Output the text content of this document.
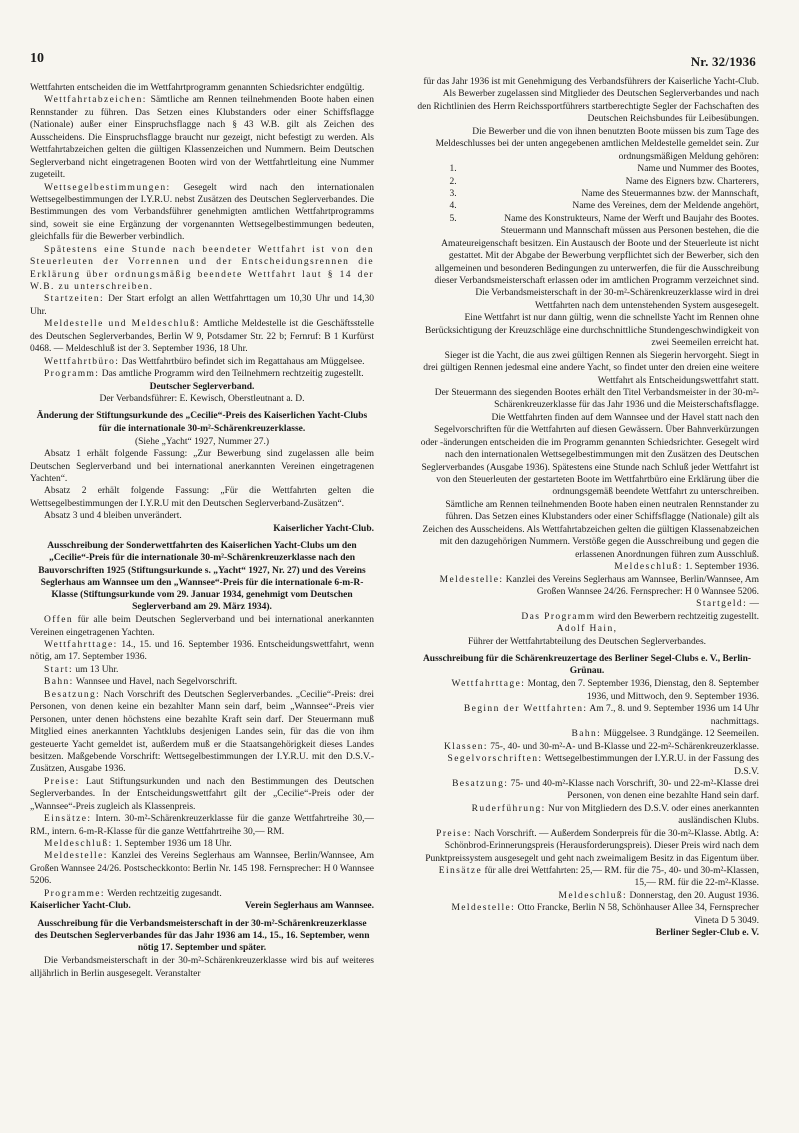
10	Nr. 32/1936

Wettfahrten entscheiden die im Wettfahrtprogramm genannten Schiedsrichter endgültig.

Wettfahrtabzeichen: Sämtliche am Rennen teilnehmenden Boote haben einen Rennstander zu führen. Das Setzen eines Klubstanders oder einer Schiffsflagge (Nationale) außer einer Einspruchsflagge nach § 43 W.B. gilt als Zeichen des Ausscheidens. Die Einspruchsflagge braucht nur gezeigt, nicht befestigt zu werden. Als Wettfahrtabzeichen gelten die gültigen Klassenzeichen und Nummern. Beim Deutschen Seglerverband nicht eingetragenen Booten wird von der Wettfahrtleitung eine Nummer zugeteilt.

Wettsegelbestimmungen: Gesegelt wird nach den internationalen Wettsegelbestimmungen der I.Y.R.U. nebst Zusätzen des Deutschen Seglerverbandes. Die Bestimmungen des vom Verbandsführer genehmigten amtlichen Wettfahrtprogramms sind, soweit sie eine Ergänzung der vorgenannten Wettsegelbestimmungen bedeuten, gleichfalls für die Bewerber verbindlich.

Spätestens eine Stunde nach beendeter Wettfahrt ist von den Steuerleuten der Vorrennen und der Entscheidungsrennen die Erklärung über ordnungsmäßig beendete Wettfahrt laut § 14 der W.B. zu unterschreiben.

Startzeiten: Der Start erfolgt an allen Wettfahrttagen um 10,30 Uhr und 14,30 Uhr.

Meldestelle und Meldeschluß: Amtliche Meldestelle ist die Geschäftsstelle des Deutschen Seglerverbandes, Berlin W 9, Potsdamer Str. 22 b; Fernruf: B 1 Kurfürst 0468. — Meldeschluß ist der 3. September 1936, 18 Uhr.

Wettfahrtbüro: Das Wettfahrtbüro befindet sich im Regattahaus am Müggelsee.

Programm: Das amtliche Programm wird den Teilnehmern rechtzeitig zugestellt.

Deutscher Seglerverband.

Der Verbandsführer: E. Kewisch, Oberstleutnant a. D.

Änderung der Stiftungsurkunde des „Cecilie“-Preis des Kaiserlichen Yacht-Clubs für die internationale 30-m²-Schärenkreuzerklasse.

(Siehe „Yacht“ 1927, Nummer 27.)

Absatz 1 erhält folgende Fassung: „Zur Bewerbung sind zugelassen alle beim Deutschen Seglerverband und bei international anerkannten Vereinen eingetragenen Yachten“.

Absatz 2 erhält folgende Fassung: „Für die Wettfahrten gelten die Wettsegelbestimmungen der I.Y.R.U mit den Deutschen Seglerverband-Zusätzen“.

Absatz 3 und 4 bleiben unverändert.

Kaiserlicher Yacht-Club.

Ausschreibung der Sonderwettfahrten des Kaiserlichen Yacht-Clubs um den „Cecilie“-Preis für die internationale 30-m²-Schärenkreuzerklasse nach den Bauvorschriften 1925 (Stiftungsurkunde s. „Yacht“ 1927, Nr. 27) und des Vereins Seglerhaus am Wannsee um den „Wannsee“-Preis für die internationale 6-m-R-Klasse (Stiftungsurkunde vom 29. Januar 1934, genehmigt vom Deutschen Seglerverband am 29. März 1934).

Offen für alle beim Deutschen Seglerverband und bei international anerkannten Vereinen eingetragenen Yachten.

Wettfahrttage: 14., 15. und 16. September 1936. Entscheidungswettfahrt, wenn nötig, am 17. September 1936.

Start: um 13 Uhr.

Bahn: Wannsee und Havel, nach Segelvorschrift.

Besatzung: Nach Vorschrift des Deutschen Seglerverbandes. „Cecilie“-Preis: drei Personen, von denen keine ein bezahlter Mann sein darf, beim „Wannsee“-Preis vier Personen, unter denen höchstens eine bezahlte Kraft sein darf. Der Steuermann muß Mitglied eines anerkannten Yachtklubs desjenigen Landes sein, für das die von ihm gesteuerte Yacht gemeldet ist, außerdem muß er die Staatsangehörigkeit dieses Landes besitzen. Maßgebende Vorschrift: Wettsegelbestimmungen der I.Y.R.U. mit den D.S.V.-Zusätzen, Ausgabe 1936.

Preise: Laut Stiftungsurkunden und nach den Bestimmungen des Deutschen Seglerverbandes. In der Entscheidungswettfahrt gilt der „Cecilie“-Preis oder der „Wannsee“-Preis zugleich als Klassenpreis.

Einsätze: Intern. 30-m²-Schärenkreuzerklasse für die ganze Wettfahrtreihe 30,— RM., intern. 6-m-R-Klasse für die ganze Wettfahrtreihe 30,— RM.

Meldeschluß: 1. September 1936 um 18 Uhr.

Meldestelle: Kanzlei des Vereins Seglerhaus am Wannsee, Berlin/Wannsee, Am Großen Wannsee 24/26. Postscheckkonto: Berlin Nr. 145 198. Fernsprecher: H 0 Wannsee 5206.

Programme: Werden rechtzeitig zugesandt.

Kaiserlicher Yacht-Club.	Verein Seglerhaus am Wannsee.
Ausschreibung für die Verbandsmeisterschaft in der 30-m²-Schärenkreuzerklasse des Deutschen Seglerverbandes für das Jahr 1936 am 14., 15., 16. September, wenn nötig 17. September und später.

Die Verbandsmeisterschaft in der 30-m²-Schärenkreuzerklasse wird bis auf weiteres alljährlich in Berlin ausgesegelt. Veranstalter

für das Jahr 1936 ist mit Genehmigung des Verbandsführers der Kaiserliche Yacht-Club.

Als Bewerber zugelassen sind Mitglieder des Deutschen Seglerverbandes und nach den Richtlinien des Herrn Reichssportführers startberechtigte Segler der Fachschaften des Deutschen Reichsbundes für Leibesübungen.

Die Bewerber und die von ihnen benutzten Boote müssen bis zum Tage des Meldeschlusses bei der unten angegebenen amtlichen Meldestelle gemeldet sein. Zur ordnungsmäßigen Meldung gehören:

1. Name und Nummer des Bootes,
2. Name des Eigners bzw. Charterers,
3. Name des Steuermannes bzw. der Mannschaft,
4. Name des Vereines, dem der Meldende angehört,
5. Name des Konstrukteurs, Name der Werft und Baujahr des Bootes.

Steuermann und Mannschaft müssen aus Personen bestehen, die die Amateureigenschaft besitzen. Ein Austausch der Boote und der Steuerleute ist nicht gestattet. Mit der Abgabe der Bewerbung verpflichtet sich der Bewerber, sich den allgemeinen und besonderen Bedingungen zu unterwerfen, die für die Ausschreibung dieser Verbandsmeisterschaft erlassen oder im amtlichen Programm verzeichnet sind.

Die Verbandsmeisterschaft in der 30-m²-Schärenkreuzerklasse wird in drei Wettfahrten nach dem untenstehenden System ausgesegelt.

Eine Wettfahrt ist nur dann gültig, wenn die schnellste Yacht im Rennen ohne Berücksichtigung der Kreuzschläge eine durchschnittliche Stundengeschwindigkeit von zwei Seemeilen erreicht hat.

Sieger ist die Yacht, die aus zwei gültigen Rennen als Siegerin hervorgeht. Siegt in drei gültigen Rennen jedesmal eine andere Yacht, so findet unter den dreien eine weitere Wettfahrt als Entscheidungswettfahrt statt.

Der Steuermann des siegenden Bootes erhält den Titel Verbandsmeister in der 30-m²-Schärenkreuzerklasse für das Jahr 1936 und die Meisterschaftsflagge.

Die Wettfahrten finden auf dem Wannsee und der Havel statt nach den Segelvorschriften für die Wettfahrten auf diesen Gewässern. Über Bahnverkürzungen oder -änderungen entscheiden die im Programm genannten Schiedsrichter. Gesegelt wird nach den internationalen Wettsegelbestimmungen mit den Zusätzen des Deutschen Seglerverbandes (Ausgabe 1936). Spätestens eine Stunde nach Schluß jeder Wettfahrt ist von den Steuerleuten der gestarteten Boote im Wettfahrtbüro eine Erklärung über die ordnungsgemäß beendete Wettfahrt zu unterschreiben.

Sämtliche am Rennen teilnehmenden Boote haben einen neutralen Rennstander zu führen. Das Setzen eines Klubstanders oder einer Schiffsflagge (Nationale) gilt als Zeichen des Ausscheidens. Als Wettfahrtabzeichen gelten die gültigen Klassenabzeichen mit den dazugehörigen Nummern. Verstöße gegen die Ausschreibung und gegen die erlassenen Anordnungen führen zum Ausschluß.

Meldeschluß: 1. September 1936.

Meldestelle: Kanzlei des Vereins Seglerhaus am Wannsee, Berlin/Wannsee, Am Großen Wannsee 24/26. Fernsprecher: H 0 Wannsee 5206.

Startgeld: —

Das Programm wird den Bewerbern rechtzeitig zugestellt.

Adolf Hain,

Führer der Wettfahrtabteilung des Deutschen Seglerverbandes.

Ausschreibung für die Schärenkreuzertage des Berliner Segel-Clubs e. V., Berlin-Grünau.

Wettfahrttage: Montag, den 7. September 1936, Dienstag, den 8. September 1936, und Mittwoch, den 9. September 1936.

Beginn der Wettfahrten: Am 7., 8. und 9. September 1936 um 14 Uhr nachmittags.

Bahn: Müggelsee. 3 Rundgänge. 12 Seemeilen.

Klassen: 75-, 40- und 30-m²-A- und B-Klasse und 22-m²-Schärenkreuzerklasse.

Segelvorschriften: Wettsegelbestimmungen der I.Y.R.U. in der Fassung des D.S.V.

Besatzung: 75- und 40-m²-Klasse nach Vorschrift, 30- und 22-m²-Klasse drei Personen, von denen eine bezahlte Hand sein darf.

Ruderführung: Nur von Mitgliedern des D.S.V. oder eines anerkannten ausländischen Klubs.

Preise: Nach Vorschrift. — Außerdem Sonderpreis für die 30-m²-Klasse. Abtlg. A: Schönbrod-Erinnerungspreis (Herausforderungspreis). Dieser Preis wird nach dem Punktpreissystem ausgesegelt und geht nach zweimaligem Besitz in das Eigentum über.

Einsätze für alle drei Wettfahrten: 25,— RM. für die 75-, 40- und 30-m²-Klassen, 15,— RM. für die 22-m²-Klasse.

Meldeschluß: Donnerstag, den 20. August 1936.

Meldestelle: Otto Francke, Berlin N 58, Schönhauser Allee 34, Fernsprecher Vineta D 5 3049.

Berliner Segler-Club e. V.
